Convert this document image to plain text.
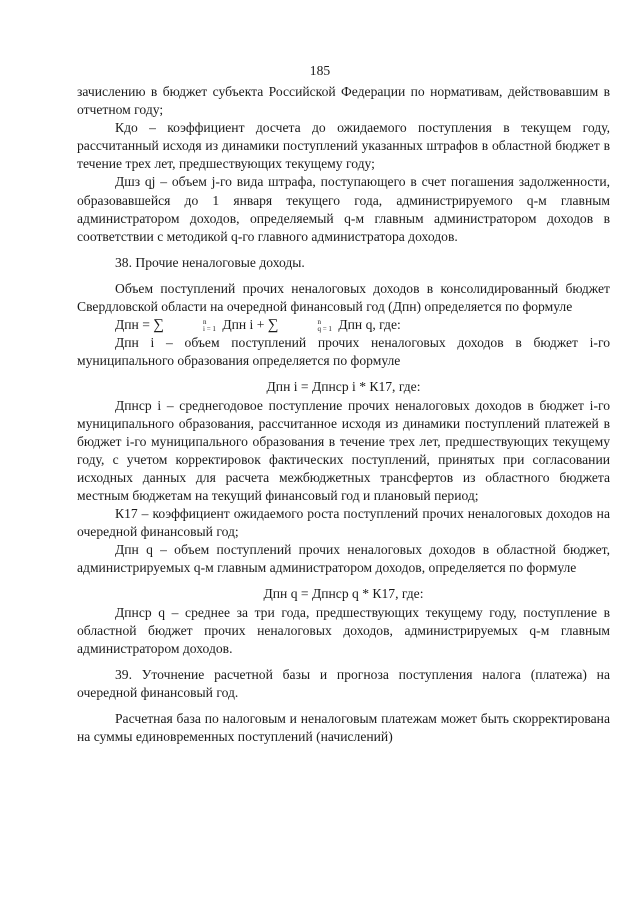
185

зачислению в бюджет субъекта Российской Федерации по нормативам, действовавшим в отчетном году;

Кдо – коэффициент досчета до ожидаемого поступления в текущем году, рассчитанный исходя из динамики поступлений указанных штрафов в областной бюджет в течение трех лет, предшествующих текущему году;

Дшз qj – объем j-го вида штрафа, поступающего в счет погашения задолженности, образовавшейся до 1 января текущего года, администрируемого q-м главным администратором доходов, определяемый q-м главным администратором доходов в соответствии с методикой q-го главного администратора доходов.

38. Прочие неналоговые доходы.

Объем поступлений прочих неналоговых доходов в консолидированный бюджет Свердловской области на очередной финансовый год (Дпн) определяется по формуле

Дпн = ∑	n
i = 1 Дпн i + ∑	n
q = 1 Дпн q, где:

Дпн i – объем поступлений прочих неналоговых доходов в бюджет i-го муниципального образования определяется по формуле

Дпн i = Дпнср i * К17, где:

Дпнср i – среднегодовое поступление прочих неналоговых доходов в бюджет i-го муниципального образования, рассчитанное исходя из динамики поступлений платежей в бюджет i-го муниципального образования в течение трех лет, предшествующих текущему году, с учетом корректировок фактических поступлений, принятых при согласовании исходных данных для расчета межбюджетных трансфертов из областного бюджета местным бюджетам на текущий финансовый год и плановый период;

К17 – коэффициент ожидаемого роста поступлений прочих неналоговых доходов на очередной финансовый год;

Дпн q – объем поступлений прочих неналоговых доходов в областной бюджет, администрируемых q-м главным администратором доходов, определяется по формуле

Дпн q = Дпнср q * К17, где:

Дпнср q – среднее за три года, предшествующих текущему году, поступление в областной бюджет прочих неналоговых доходов, администрируемых q-м главным администратором доходов.

39. Уточнение расчетной базы и прогноза поступления налога (платежа) на очередной финансовый год.

Расчетная база по налоговым и неналоговым платежам может быть скорректирована на суммы единовременных поступлений (начислений)
